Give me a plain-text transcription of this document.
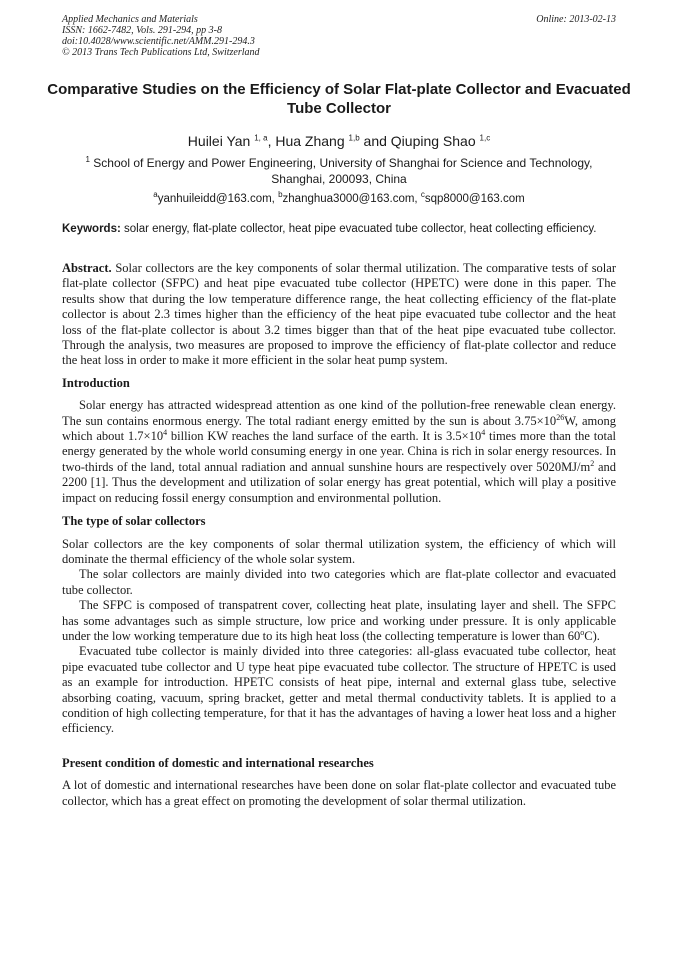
Applied Mechanics and Materials
ISSN: 1662-7482, Vols. 291-294, pp 3-8
doi:10.4028/www.scientific.net/AMM.291-294.3
© 2013 Trans Tech Publications Ltd, Switzerland
Online: 2013-02-13
Comparative Studies on the Efficiency of Solar Flat-plate Collector and Evacuated Tube Collector
Huilei Yan $^{1, a}$, Hua Zhang $^{1,b}$ and Qiuping Shao $^{1,c}$
$^1$ School of Energy and Power Engineering, University of Shanghai for Science and Technology, Shanghai, 200093, China
$^a$yanhuileidd@163.com, $^b$zhanghua3000@163.com, $^c$sqp8000@163.com
Keywords: solar energy, flat-plate collector, heat pipe evacuated tube collector, heat collecting efficiency.

Abstract. Solar collectors are the key components of solar thermal utilization. The comparative tests of solar flat-plate collector (SFPC) and heat pipe evacuated tube collector (HPETC) were done in this paper. The results show that during the low temperature difference range, the heat collecting efficiency of the flat-plate collector is about 2.3 times higher than the efficiency of the heat pipe evacuated tube collector and the heat loss of the flat-plate collector is about 3.2 times bigger than that of the heat pipe evacuated tube collector. Through the analysis, two measures are proposed to improve the efficiency of flat-plate collector and reduce the heat loss in order to make it more efficient in the solar heat pump system.

Introduction

Solar energy has attracted widespread attention as one kind of the pollution-free renewable clean energy. The sun contains enormous energy. The total radiant energy emitted by the sun is about $3.75\times 10^{26}W$, among which about $1.7\times 10^4$ billion KW reaches the land surface of the earth. It is $3.5\times 10^4$ times more than the total energy generated by the whole world consuming energy in one year. China is rich in solar energy resources. In two-thirds of the land, total annual radiation and annual sunshine hours are respectively over $5020MJ/m^2$ and 2200 [1]. Thus the development and utilization of solar energy has great potential, which will play a positive impact on reducing fossil energy consumption and environmental pollution.

The type of solar collectors

Solar collectors are the key components of solar thermal utilization system, the efficiency of which will dominate the thermal efficiency of the whole solar system.

The solar collectors are mainly divided into two categories which are flat-plate collector and evacuated tube collector.

The SFPC is composed of transpatrent cover, collecting heat plate, insulating layer and shell. The SFPC has some advantages such as simple structure, low price and working under pressure. It is only applicable under the low working temperature due to its high heat loss (the collecting temperature is lower than 60$^o$C).

Evacuated tube collector is mainly divided into three categories: all-glass evacuated tube collector, heat pipe evacuated tube collector and U type heat pipe evacuated tube collector. The structure of HPETC is used as an example for introduction. HPETC consists of heat pipe, internal and external glass tube, selective absorbing coating, vacuum, spring bracket, getter and metal thermal conductivity tablets. It is applied to a condition of high collecting temperature, for that it has the advantages of having a lower heat loss and a higher efficiency.

Present condition of domestic and international researches

A lot of domestic and international researches have been done on solar flat-plate collector and evacuated tube collector, which has a great effect on promoting the development of solar thermal utilization.
